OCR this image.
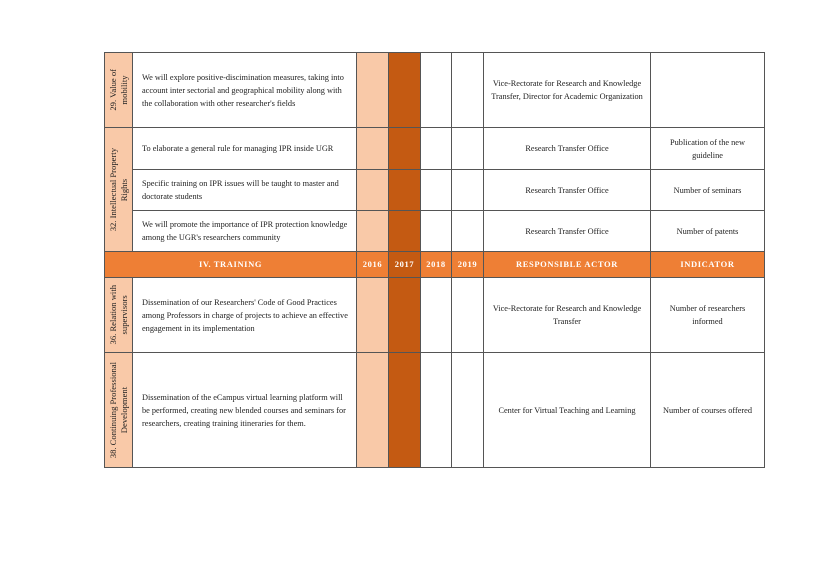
29. Value of
mobility	We will explore positive-discimination measures, taking into account inter sectorial and geographical mobility along with the collaboration with other researcher's fields					Vice-Rectorate for Research and Knowledge Transfer, Director for Academic Organization	

32. Intellectual Property
Rights	To elaborate a general rule for managing IPR inside UGR					Research Transfer Office	Publication of the new guideline
	Specific training on IPR issues will be taught to master and doctorate students					Research Transfer Office	Number of seminars
	We will promote the importance of IPR protection knowledge among the UGR's researchers community					Research Transfer Office	Number of patents
IV. TRAINING		2016	2017	2018	2019	RESPONSIBLE ACTOR	INDICATOR

36. Relation with
supervisors	Dissemination of our Researchers' Code of Good Practices among Professors in charge of projects to achieve an effective engagement in its implementation					Vice-Rectorate for Research and Knowledge Transfer	Number of researchers informed

38. Continuing Professional
Development	Dissemination of the eCampus virtual learning platform will be performed, creating new blended courses and seminars for researchers, creating training itineraries for them.					Center for Virtual Teaching and Learning	Number of courses offered
